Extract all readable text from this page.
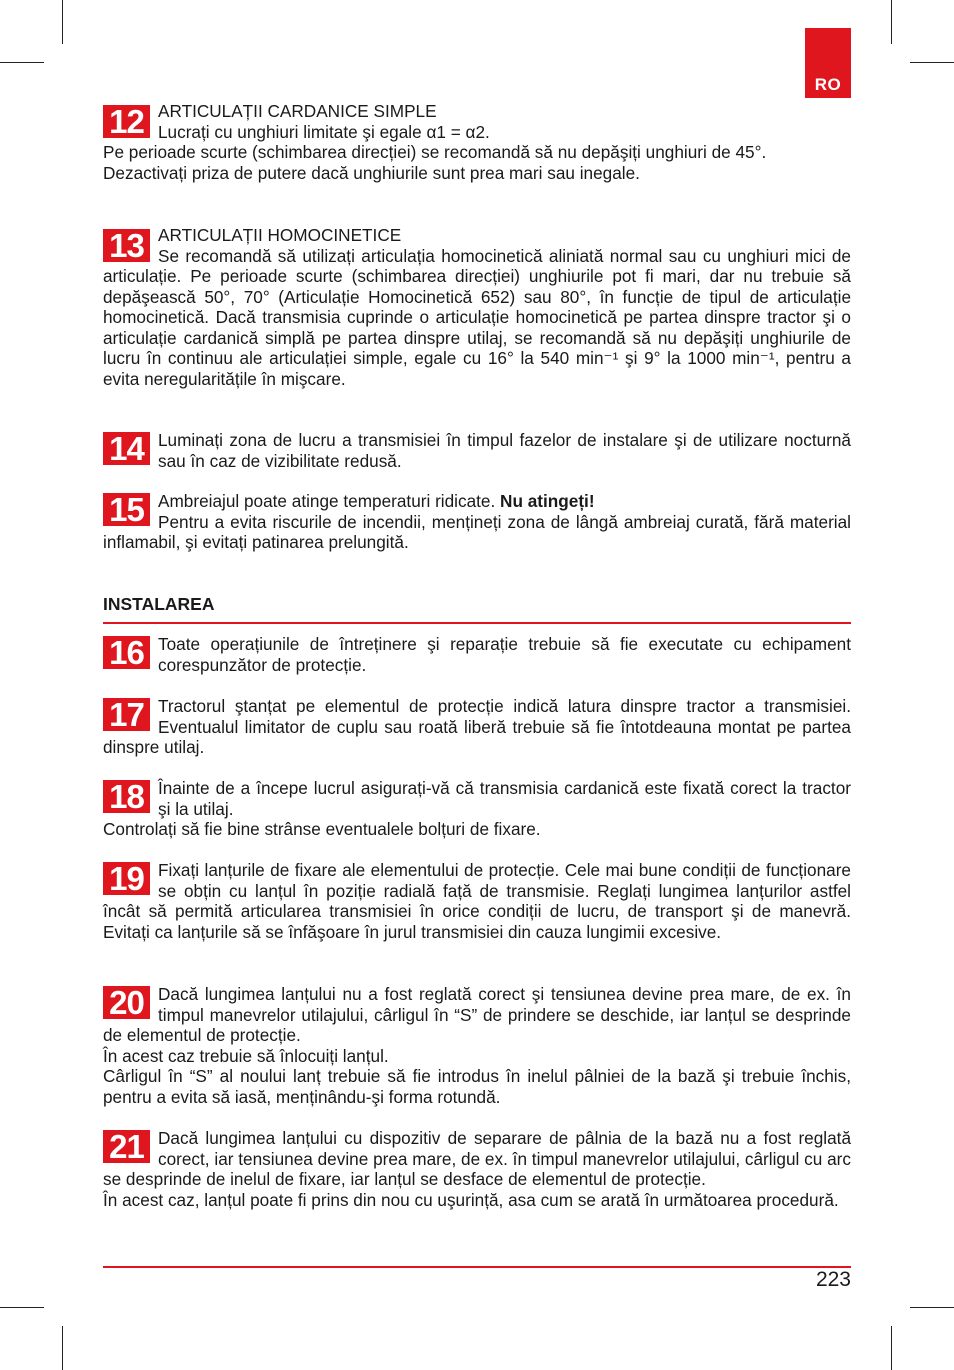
RO
12 ARTICULAȚII CARDANICE SIMPLE

Lucrați cu unghiuri limitate şi egale α1 = α2.

Pe perioade scurte (schimbarea direcției) se recomandă să nu depăşiți unghiuri de 45°.

Dezactivați priza de putere dacă unghiurile sunt prea mari sau inegale.

13 ARTICULAȚII HOMOCINETICE

Se recomandă să utilizați articulația homocinetică aliniată normal sau cu unghiuri mici de articulație. Pe perioade scurte (schimbarea direcției) unghiurile pot fi mari, dar nu trebuie să depăşească 50°, 70° (Articulație Homocinetică 652) sau 80°, în funcție de tipul de articulație homocinetică. Dacă transmisia cuprinde o articulație homocinetică pe partea dinspre tractor şi o articulație cardanică simplă pe partea dinspre utilaj, se recomandă să nu depăşiți unghiurile de lucru în continuu ale articulației simple, egale cu 16° la 540 min⁻¹ şi 9° la 1000 min⁻¹, pentru a evita neregularitățile în mişcare.

14 Luminați zona de lucru a transmisiei în timpul fazelor de instalare şi de utilizare nocturnă sau în caz de vizibilitate redusă.

15 Ambreiajul poate atinge temperaturi ridicate. Nu atingeți!

Pentru a evita riscurile de incendii, mențineți zona de lângă ambreiaj curată, fără material inflamabil, şi evitați patinarea prelungită.

INSTALAREA
16 Toate operațiunile de întreținere şi reparație trebuie să fie executate cu echipament corespunzător de protecție.

17 Tractorul ştanțat pe elementul de protecție indică latura dinspre tractor a transmisiei. Eventualul limitator de cuplu sau roată liberă trebuie să fie întotdeauna montat pe partea dinspre utilaj.

18 Înainte de a începe lucrul asigurați-vă că transmisia cardanică este fixată corect la tractor şi la utilaj.

Controlați să fie bine strânse eventualele bolțuri de fixare.

19 Fixați lanțurile de fixare ale elementului de protecție. Cele mai bune condiții de funcționare se obțin cu lanțul în poziție radială față de transmisie. Reglați lungimea lanțurilor astfel încât să permită articularea transmisiei în orice condiții de lucru, de transport şi de manevră. Evitați ca lanțurile să se înfăşoare în jurul transmisiei din cauza lungimii excesive.

20 Dacă lungimea lanțului nu a fost reglată corect şi tensiunea devine prea mare, de ex. în timpul manevrelor utilajului, cârligul în “S” de prindere se deschide, iar lanțul se desprinde de elementul de protecție.

În acest caz trebuie să înlocuiți lanțul.

Cârligul în “S” al noului lanț trebuie să fie introdus în inelul pâlniei de la bază şi trebuie închis, pentru a evita să iasă, menținându-şi forma rotundă.

21 Dacă lungimea lanțului cu dispozitiv de separare de pâlnia de la bază nu a fost reglată corect, iar tensiunea devine prea mare, de ex. în timpul manevrelor utilajului, cârligul cu arc se desprinde de inelul de fixare, iar lanțul se desface de elementul de protecție.

În acest caz, lanțul poate fi prins din nou cu uşurință, asa cum se arată în următoarea procedură.

223
